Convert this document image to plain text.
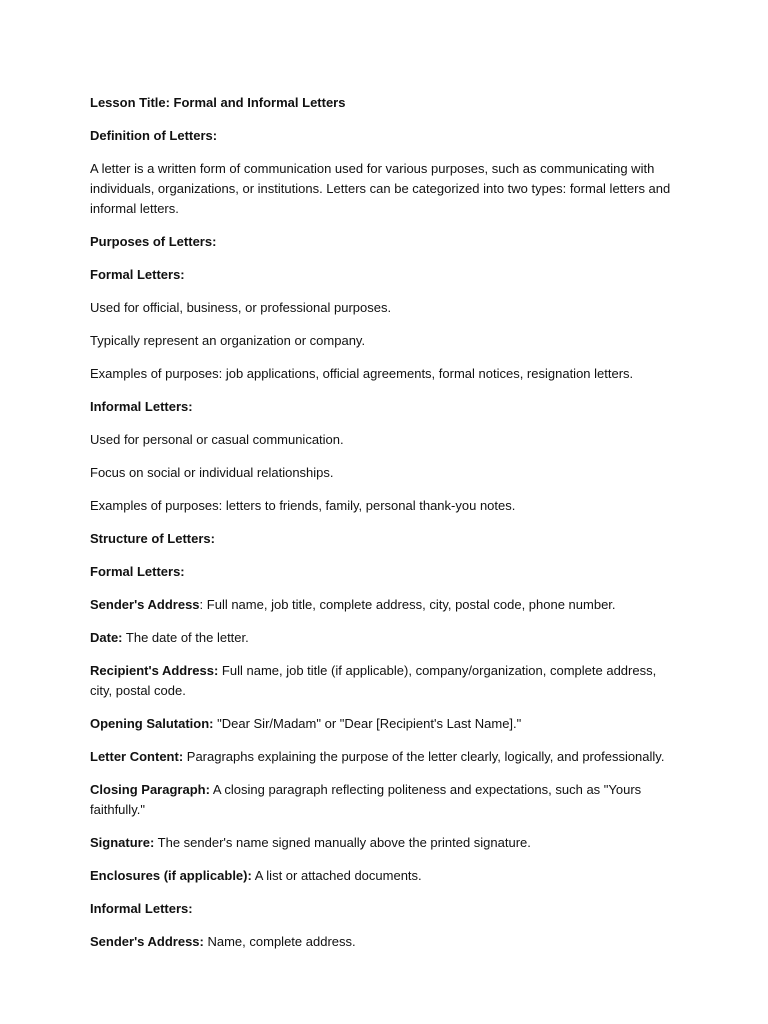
Lesson Title: Formal and Informal Letters

Definition of Letters:

A letter is a written form of communication used for various purposes, such as communicating with individuals, organizations, or institutions. Letters can be categorized into two types: formal letters and informal letters.

Purposes of Letters:

Formal Letters:

Used for official, business, or professional purposes.

Typically represent an organization or company.

Examples of purposes: job applications, official agreements, formal notices, resignation letters.

Informal Letters:

Used for personal or casual communication.

Focus on social or individual relationships.

Examples of purposes: letters to friends, family, personal thank-you notes.

Structure of Letters:

Formal Letters:

Sender's Address: Full name, job title, complete address, city, postal code, phone number.

Date: The date of the letter.

Recipient's Address: Full name, job title (if applicable), company/organization, complete address, city, postal code.

Opening Salutation: "Dear Sir/Madam" or "Dear [Recipient's Last Name]."

Letter Content: Paragraphs explaining the purpose of the letter clearly, logically, and professionally.

Closing Paragraph: A closing paragraph reflecting politeness and expectations, such as "Yours faithfully."

Signature: The sender's name signed manually above the printed signature.

Enclosures (if applicable): A list or attached documents.

Informal Letters:

Sender's Address: Name, complete address.
